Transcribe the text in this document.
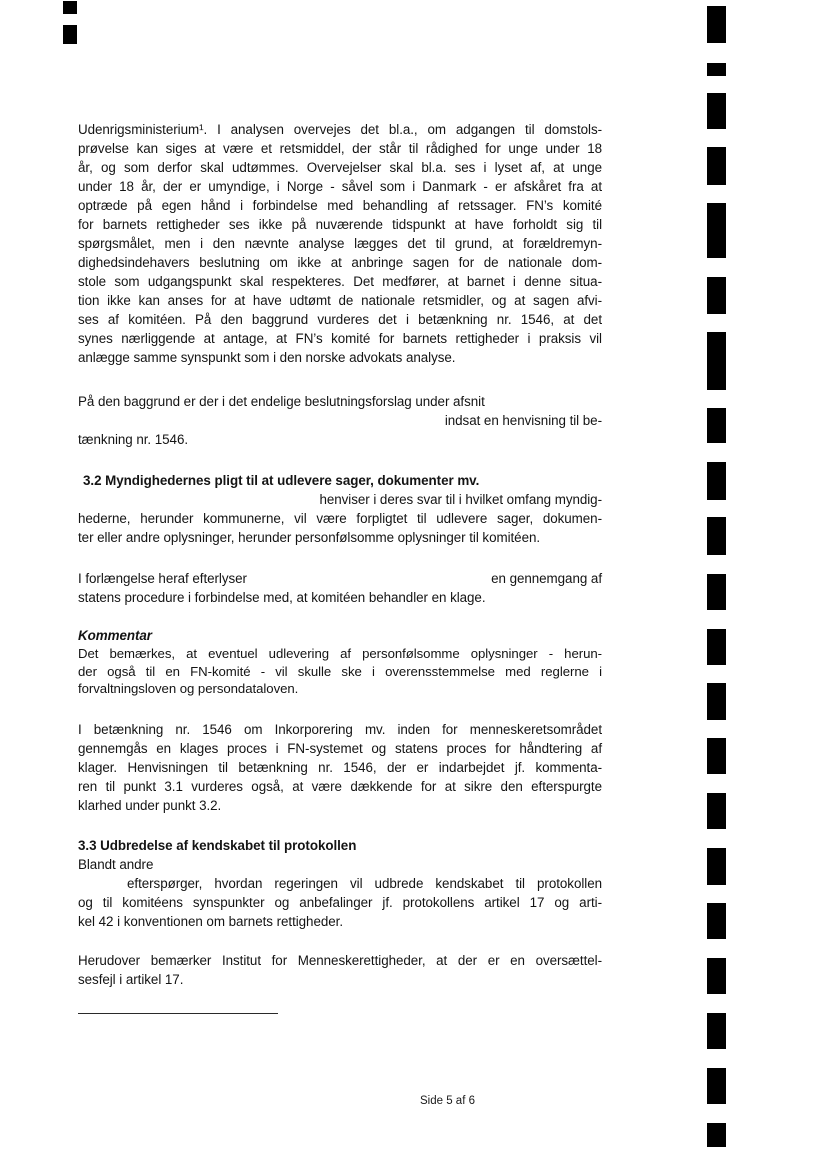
Udenrigsministerium¹. I analysen overvejes det bl.a., om adgangen til domstols-
prøvelse kan siges at være et retsmiddel, der står til rådighed for unge under 18
år, og som derfor skal udtømmes. Overvejelser skal bl.a. ses i lyset af, at unge
under 18 år, der er umyndige, i Norge - såvel som i Danmark - er afskåret fra at
optræde på egen hånd i forbindelse med behandling af retssager. FN’s komité
for barnets rettigheder ses ikke på nuværende tidspunkt at have forholdt sig til
spørgsmålet, men i den nævnte analyse lægges det til grund, at forældremyn-
dighedsindehavers beslutning om ikke at anbringe sagen for de nationale dom-
stole som udgangspunkt skal respekteres. Det medfører, at barnet i denne situa-
tion ikke kan anses for at have udtømt de nationale retsmidler, og at sagen afvi-
ses af komitéen. På den baggrund vurderes det i betænkning nr. 1546, at det
synes nærliggende at antage, at FN’s komité for barnets rettigheder i praksis vil
anlægge samme synspunkt som i den norske advokats analyse.
På den baggrund er der i det endelige beslutningsforslag under afsnit
indsat en henvisning til be-
tænkning nr. 1546.
3.2 Myndighedernes pligt til at udlevere sager, dokumenter mv.
henviser i deres svar til i hvilket omfang myndig-
hederne, herunder kommunerne, vil være forpligtet til udlevere sager, dokumen-
ter eller andre oplysninger, herunder personfølsomme oplysninger til komitéen.
I forlængelse heraf efterlyser	en gennemgang af
statens procedure i forbindelse med, at komitéen behandler en klage.
Kommentar
Det bemærkes, at eventuel udlevering af personfølsomme oplysninger - herun-
der også til en FN-komité - vil skulle ske i overensstemmelse med reglerne i
forvaltningsloven og persondataloven.
I betænkning nr. 1546 om Inkorporering mv. inden for menneskeretsområdet
gennemgås en klages proces i FN-systemet og statens proces for håndtering af
klager. Henvisningen til betænkning nr. 1546, der er indarbejdet jf. kommenta-
ren til punkt 3.1 vurderes også, at være dækkende for at sikre den efterspurgte
klarhed under punkt 3.2.
3.3 Udbredelse af kendskabet til protokollen
Blandt andre
efterspørger, hvordan regeringen vil udbrede kendskabet til protokollen
og til komitéens synspunkter og anbefalinger jf. protokollens artikel 17 og arti-
kel 42 i konventionen om barnets rettigheder.
Herudover bemærker Institut for Menneskerettigheder, at der er en oversættel-
sesfejl i artikel 17.
Side 5 af 6
